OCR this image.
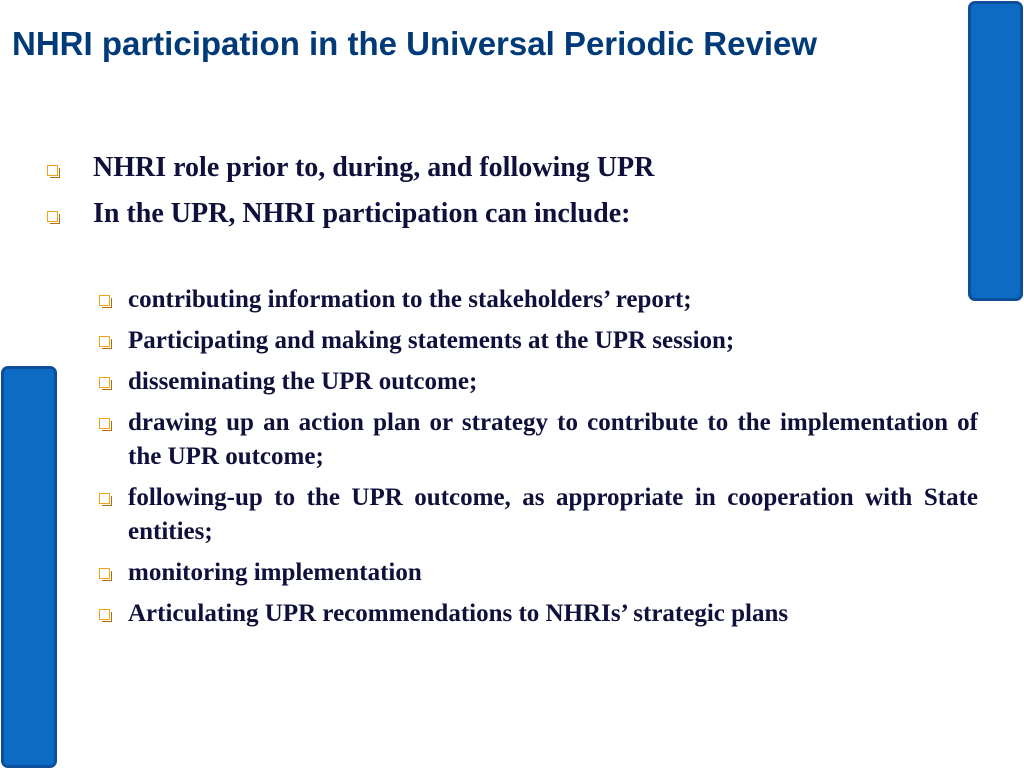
NHRI participation in the Universal Periodic Review
NHRI role prior to, during, and following UPR
In the UPR, NHRI participation can include:
contributing information to the stakeholders’ report;
Participating and making statements at the UPR session;
disseminating the UPR outcome;
drawing up an action plan or strategy to contribute to the implementation of the UPR outcome;
following-up to the UPR outcome, as appropriate in cooperation with State entities;
monitoring implementation
Articulating UPR recommendations to NHRIs’ strategic plans
